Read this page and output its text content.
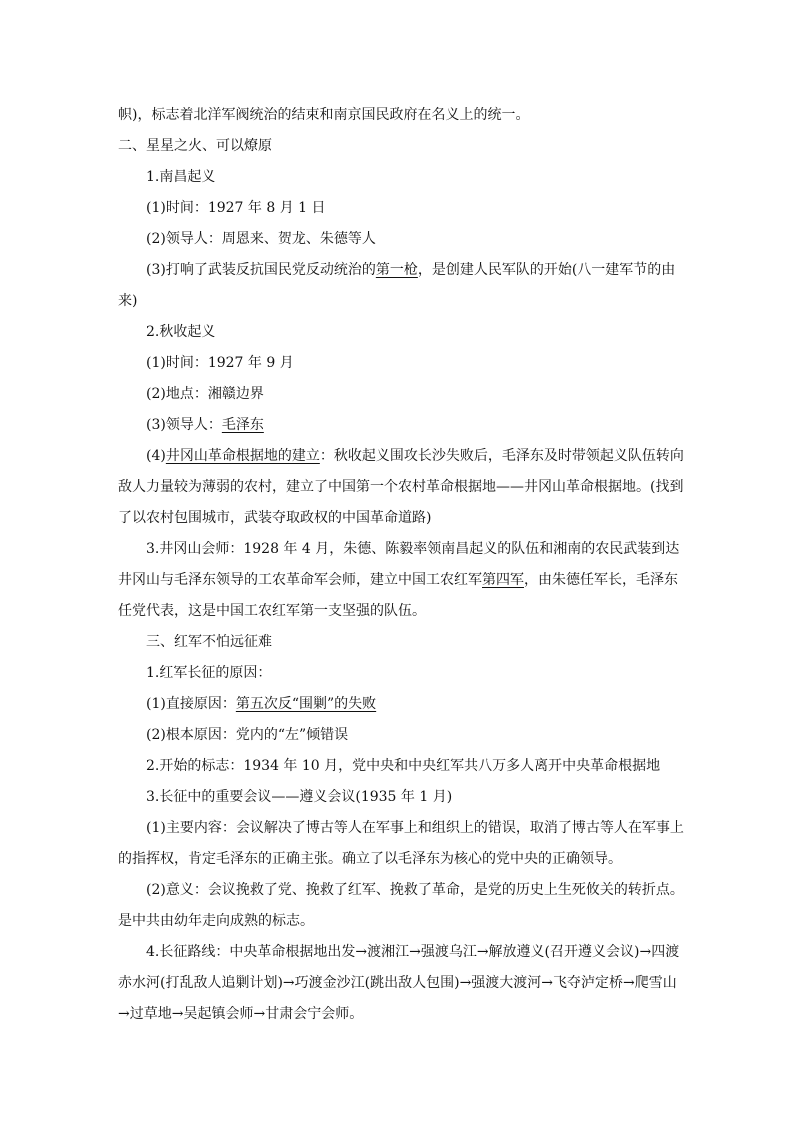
帜)，标志着北洋军阀统治的结束和南京国民政府在名义上的统一。

二、星星之火、可以燎原

1.南昌起义

(1)时间：1927 年 8 月 1 日

(2)领导人：周恩来、贺龙、朱德等人

(3)打响了武装反抗国民党反动统治的第一枪，是创建人民军队的开始(八一建军节的由来)

2.秋收起义

(1)时间：1927 年 9 月

(2)地点：湘赣边界

(3)领导人：毛泽东

(4)井冈山革命根据地的建立：秋收起义围攻长沙失败后，毛泽东及时带领起义队伍转向敌人力量较为薄弱的农村，建立了中国第一个农村革命根据地——井冈山革命根据地。(找到了以农村包围城市，武装夺取政权的中国革命道路)

3.井冈山会师：1928 年 4 月，朱德、陈毅率领南昌起义的队伍和湘南的农民武装到达井冈山与毛泽东领导的工农革命军会师，建立中国工农红军第四军，由朱德任军长，毛泽东任党代表，这是中国工农红军第一支坚强的队伍。

三、红军不怕远征难

1.红军长征的原因：

(1)直接原因：第五次反“围剿”的失败

(2)根本原因：党内的“左”倾错误

2.开始的标志：1934 年 10 月，党中央和中央红军共八万多人离开中央革命根据地

3.长征中的重要会议——遵义会议(1935 年 1 月)

(1)主要内容：会议解决了博古等人在军事上和组织上的错误，取消了博古等人在军事上的指挥权，肯定毛泽东的正确主张。确立了以毛泽东为核心的党中央的正确领导。

(2)意义：会议挽救了党、挽救了红军、挽救了革命，是党的历史上生死攸关的转折点。是中共由幼年走向成熟的标志。

4.长征路线：中央革命根据地出发→渡湘江→强渡乌江→解放遵义(召开遵义会议)→四渡赤水河(打乱敌人追剿计划)→巧渡金沙江(跳出敌人包围)→强渡大渡河→飞夺泸定桥→爬雪山→过草地→吴起镇会师→甘肃会宁会师。
